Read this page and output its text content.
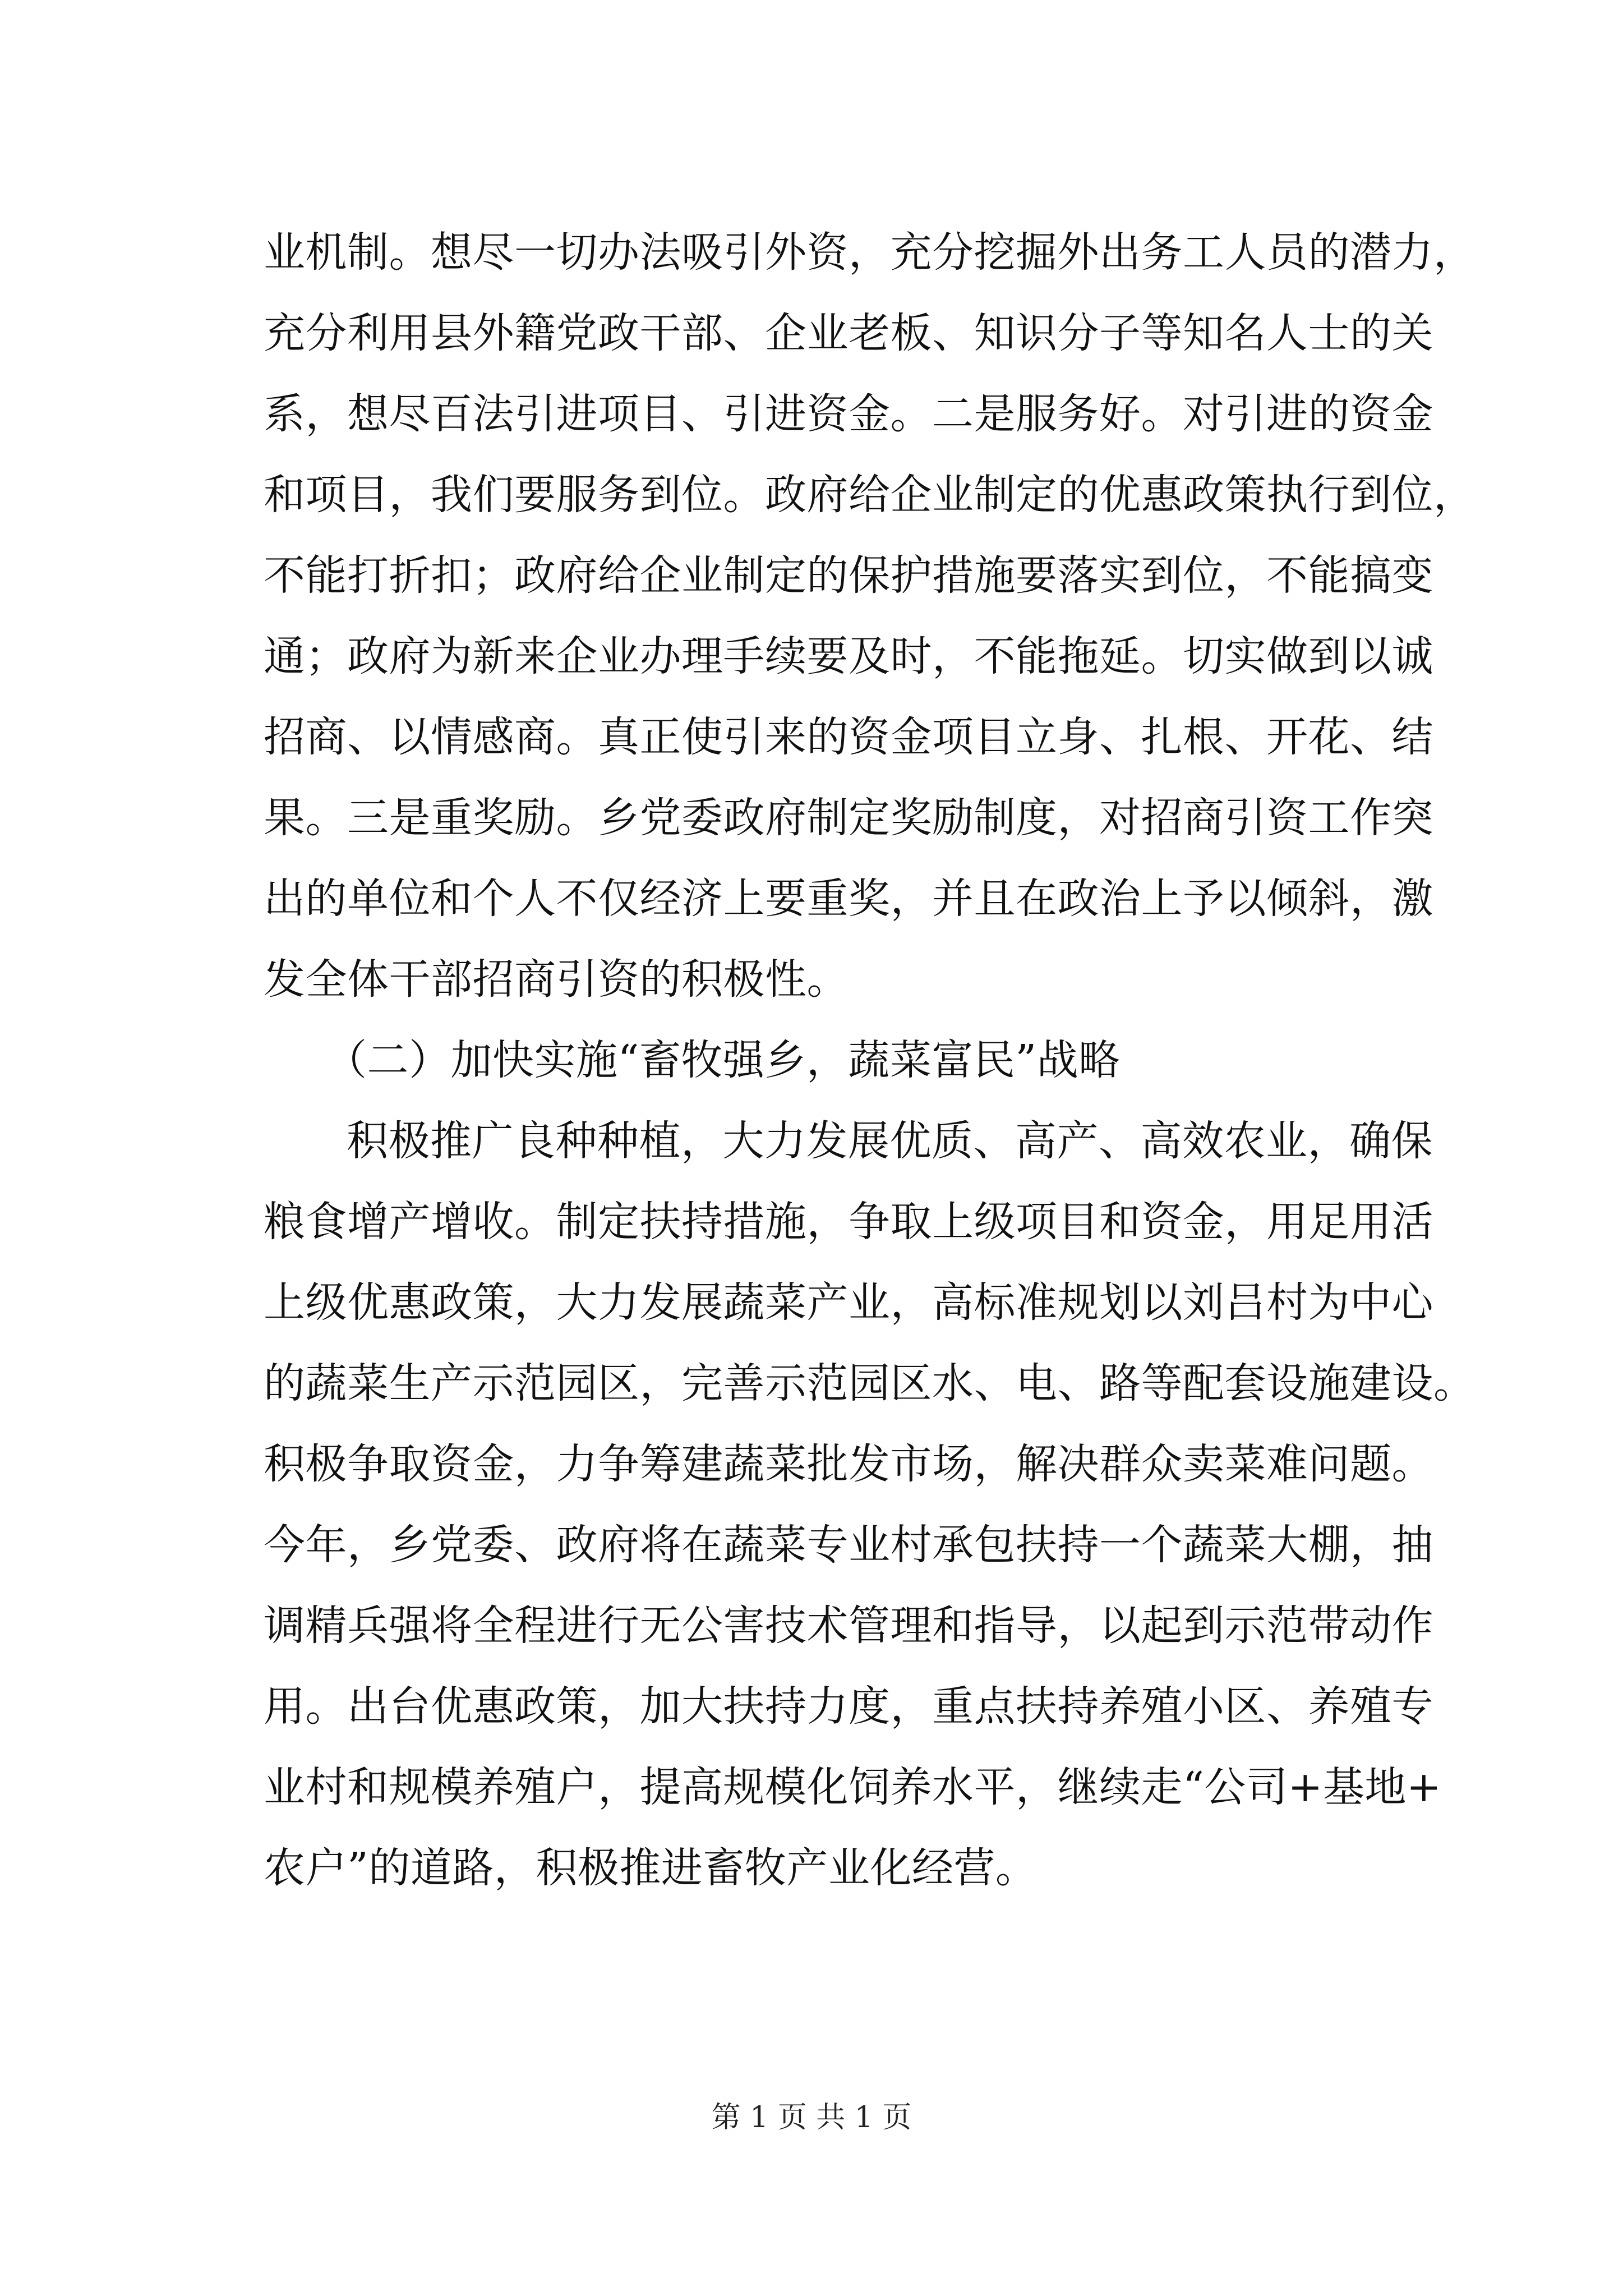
业机制。想尽一切办法吸引外资，充分挖掘外出务工人员的潜力，
充分利用县外籍党政干部、企业老板、知识分子等知名人士的关
系，想尽百法引进项目、引进资金。二是服务好。对引进的资金
和项目，我们要服务到位。政府给企业制定的优惠政策执行到位，
不能打折扣；政府给企业制定的保护措施要落实到位，不能搞变
通；政府为新来企业办理手续要及时，不能拖延。切实做到以诚
招商、以情感商。真正使引来的资金项目立身、扎根、开花、结
果。三是重奖励。乡党委政府制定奖励制度，对招商引资工作突
出的单位和个人不仅经济上要重奖，并且在政治上予以倾斜，激
发全体干部招商引资的积极性。
（二）加快实施“畜牧强乡，蔬菜富民”战略
积极推广良种种植，大力发展优质、高产、高效农业，确保
粮食增产增收。制定扶持措施，争取上级项目和资金，用足用活
上级优惠政策，大力发展蔬菜产业，高标准规划以刘吕村为中心
的蔬菜生产示范园区，完善示范园区水、电、路等配套设施建设。
积极争取资金，力争筹建蔬菜批发市场，解决群众卖菜难问题。
今年，乡党委、政府将在蔬菜专业村承包扶持一个蔬菜大棚，抽
调精兵强将全程进行无公害技术管理和指导，以起到示范带动作
用。出台优惠政策，加大扶持力度，重点扶持养殖小区、养殖专
业村和规模养殖户，提高规模化饲养水平，继续走“公司+基地+
农户”的道路，积极推进畜牧产业化经营。
第 1 页 共 1 页
